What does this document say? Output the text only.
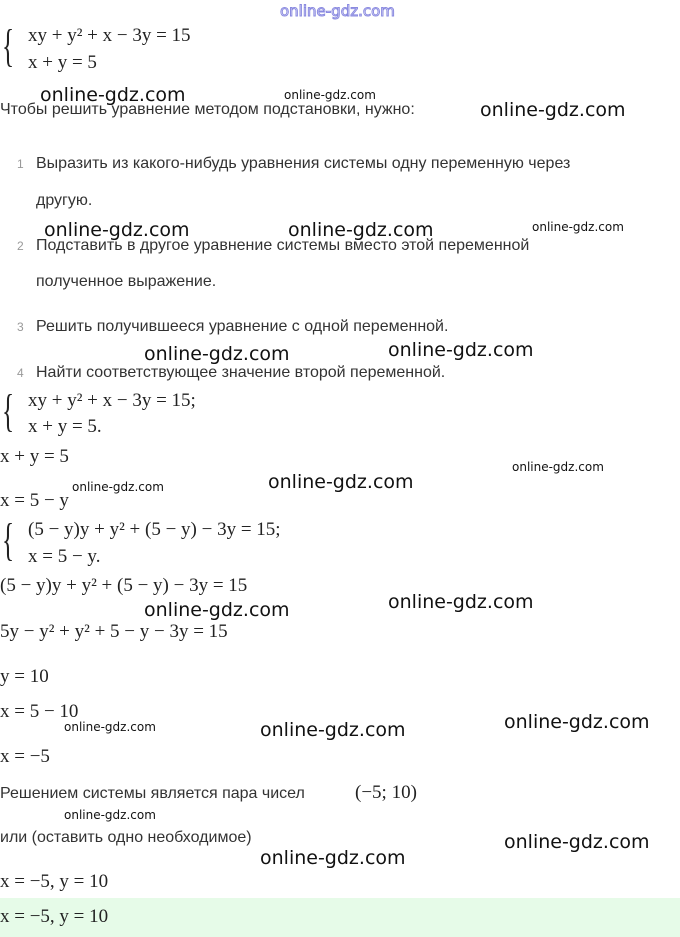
online-gdz.com
{ xy + y² + x − 3y = 15
x + y = 5
online-gdz.com	online-gdz.com
Чтобы решить уравнение методом подстановки, нужно:	online-gdz.com
1 Выразить из какого-нибудь уравнения системы одну переменную через
другую.
online-gdz.com	online-gdz.com	online-gdz.com
2 Подставить в другое уравнение системы вместо этой переменной
полученное выражение.
3 Решить получившееся уравнение с одной переменной.
online-gdz.com	online-gdz.com
4 Найти соответствующее значение второй переменной.
{ xy + y² + x − 3y = 15;
x + y = 5.
x + y = 5	online-gdz.com
online-gdz.com
online-gdz.com
x = 5 − y
{ (5 − y)y + y² + (5 − y) − 3y = 15;
x = 5 − y.
(5 − y)y + y² + (5 − y) − 3y = 15
online-gdz.com
online-gdz.com
5y − y² + y² + 5 − y − 3y = 15
y = 10
x = 5 − 10	online-gdz.com
online-gdz.com	online-gdz.com
x = −5
Решением системы является пара чисел	(−5; 10)
online-gdz.com
или (оставить одно необходимое)	online-gdz.com
online-gdz.com
x = −5, y = 10
x = −5, y = 10
